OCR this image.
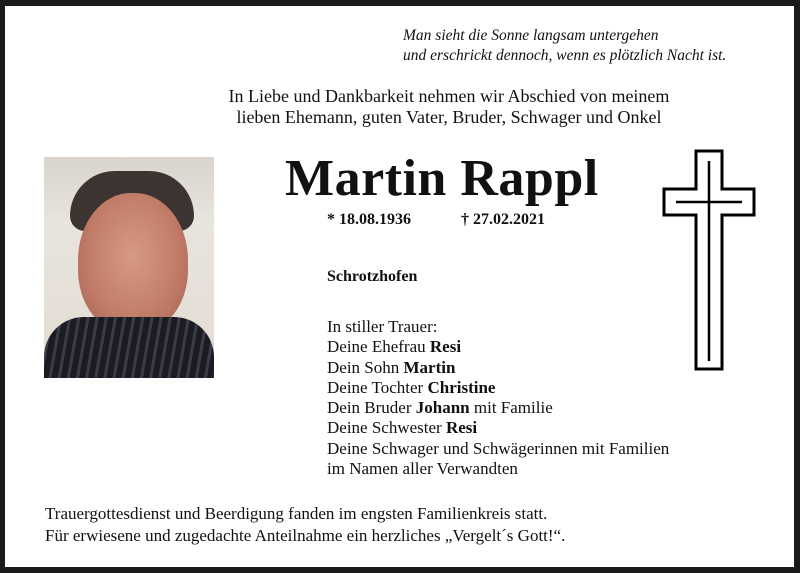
Man sieht die Sonne langsam untergehen
und erschrickt dennoch, wenn es plötzlich Nacht ist.
In Liebe und Dankbarkeit nehmen wir Abschied von meinem
lieben Ehemann, guten Vater, Bruder, Schwager und Onkel
Martin Rappl
* 18.08.1936	† 27.02.2021
Schrotzhofen
In stiller Trauer:
Deine Ehefrau Resi
Dein Sohn Martin
Deine Tochter Christine
Dein Bruder Johann mit Familie
Deine Schwester Resi
Deine Schwager und Schwägerinnen mit Familien
im Namen aller Verwandten
Trauergottesdienst und Beerdigung fanden im engsten Familienkreis statt.
Für erwiesene und zugedachte Anteilnahme ein herzliches „Vergelt´s Gott!“.
